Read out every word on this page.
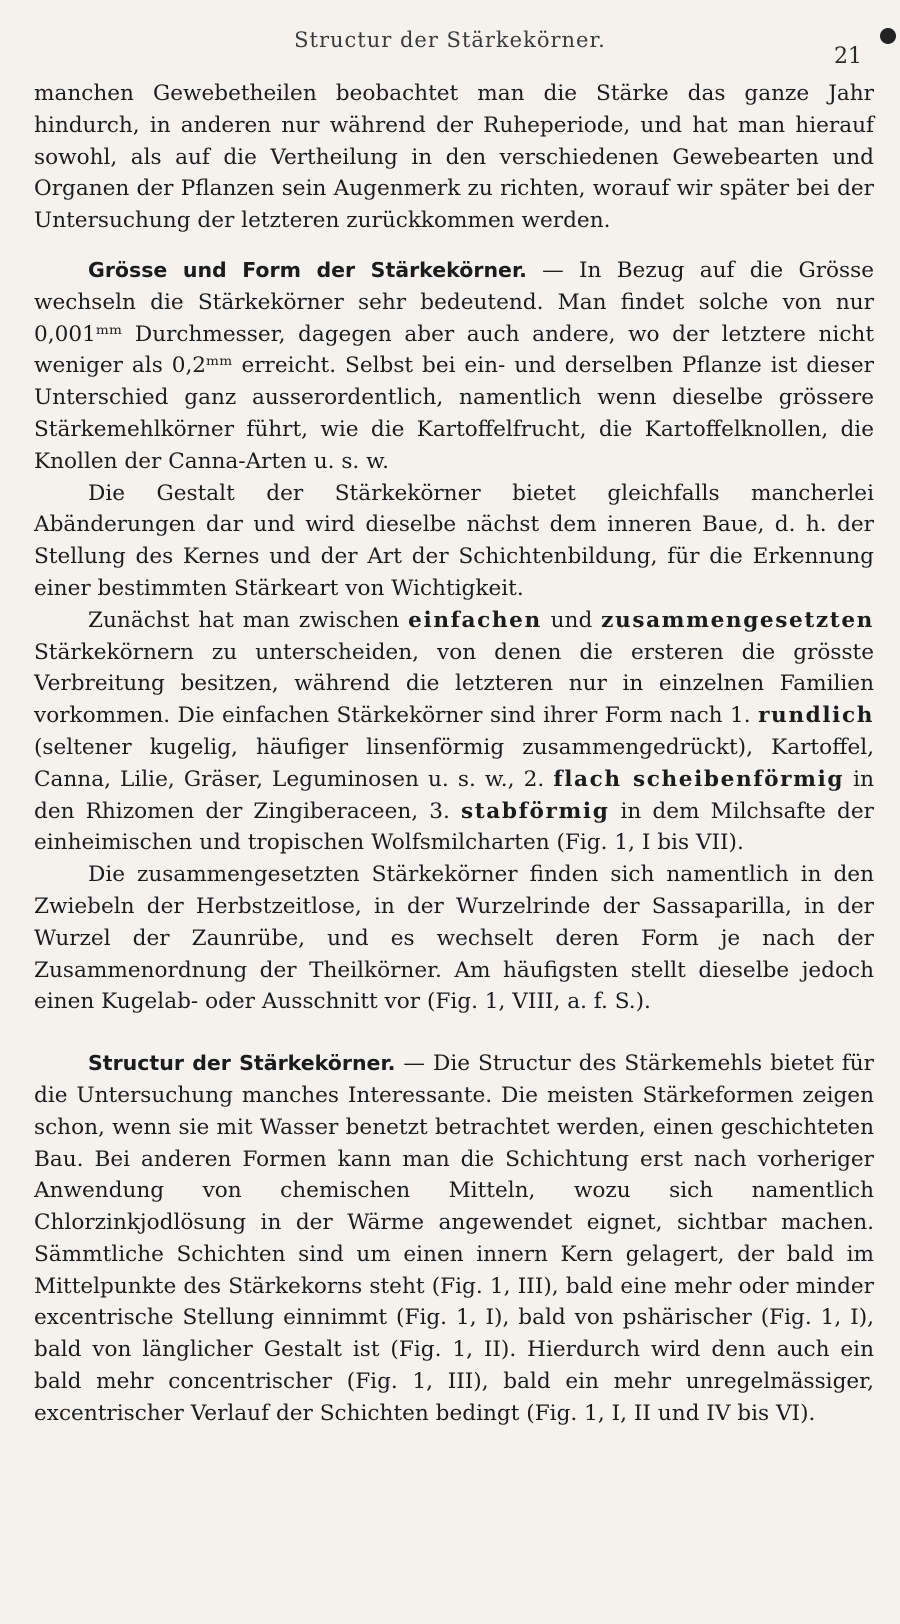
Structur der Stärkekörner.
21

manchen Gewebetheilen beobachtet man die Stärke das ganze Jahr hindurch, in anderen nur während der Ruheperiode, und hat man hierauf sowohl, als auf die Vertheilung in den verschiedenen Gewebearten und Organen der Pflanzen sein Augenmerk zu richten, worauf wir später bei der Untersuchung der letzteren zurückkommen werden.

Grösse und Form der Stärkekörner. — In Bezug auf die Grösse wechseln die Stärkekörner sehr bedeutend. Man findet solche von nur 0,001ᵐᵐ Durchmesser, dagegen aber auch andere, wo der letztere nicht weniger als 0,2ᵐᵐ erreicht. Selbst bei ein- und derselben Pflanze ist dieser Unterschied ganz ausserordentlich, namentlich wenn dieselbe grössere Stärkemehlkörner führt, wie die Kartoffelfrucht, die Kartoffelknollen, die Knollen der Canna-Arten u. s. w.

Die Gestalt der Stärkekörner bietet gleichfalls mancherlei Abänderungen dar und wird dieselbe nächst dem inneren Baue, d. h. der Stellung des Kernes und der Art der Schichtenbildung, für die Erkennung einer bestimmten Stärkeart von Wichtigkeit.

Zunächst hat man zwischen einfachen und zusammengesetzten Stärkekörnern zu unterscheiden, von denen die ersteren die grösste Verbreitung besitzen, während die letzteren nur in einzelnen Familien vorkommen. Die einfachen Stärkekörner sind ihrer Form nach 1. rundlich (seltener kugelig, häufiger linsenförmig zusammengedrückt), Kartoffel, Canna, Lilie, Gräser, Leguminosen u. s. w., 2. flach scheibenförmig in den Rhizomen der Zingiberaceen, 3. stabförmig in dem Milchsafte der einheimischen und tropischen Wolfsmilcharten (Fig. 1, I bis VII).

Die zusammengesetzten Stärkekörner finden sich namentlich in den Zwiebeln der Herbstzeitlose, in der Wurzelrinde der Sassaparilla, in der Wurzel der Zaunrübe, und es wechselt deren Form je nach der Zusammenordnung der Theilkörner. Am häufigsten stellt dieselbe jedoch einen Kugelab- oder Ausschnitt vor (Fig. 1, VIII, a. f. S.).

Structur der Stärkekörner. — Die Structur des Stärkemehls bietet für die Untersuchung manches Interessante. Die meisten Stärkeformen zeigen schon, wenn sie mit Wasser benetzt betrachtet werden, einen geschichteten Bau. Bei anderen Formen kann man die Schichtung erst nach vorheriger Anwendung von chemischen Mitteln, wozu sich namentlich Chlorzinkjodlösung in der Wärme angewendet eignet, sichtbar machen. Sämmtliche Schichten sind um einen innern Kern gelagert, der bald im Mittelpunkte des Stärkekorns steht (Fig. 1, III), bald eine mehr oder minder excentrische Stellung einnimmt (Fig. 1, I), bald von pshärischer (Fig. 1, I), bald von länglicher Gestalt ist (Fig. 1, II). Hierdurch wird denn auch ein bald mehr concentrischer (Fig. 1, III), bald ein mehr unregelmässiger, excentrischer Verlauf der Schichten bedingt (Fig. 1, I, II und IV bis VI).
